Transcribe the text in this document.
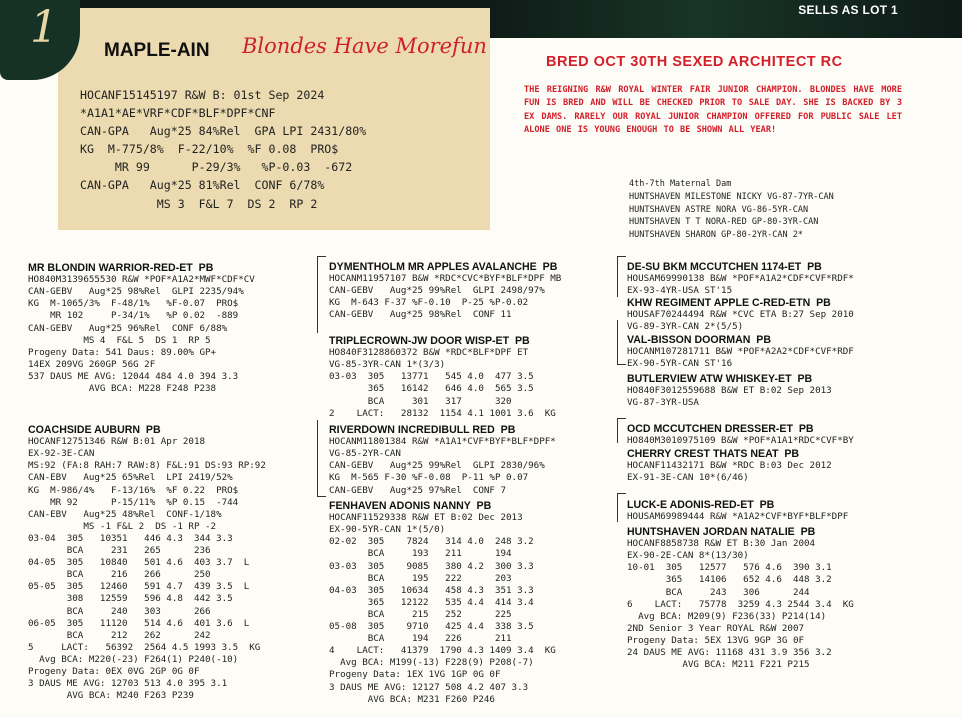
SELLS AS LOT 1
1 MAPLE-AIN Blondes Have Morefun
HOCANF15145197 R&W B: 01st Sep 2024
*A1A1*AE*VRF*CDF*BLF*DPF*CNF
CAN-GPA   Aug*25 84%Rel  GPA LPI 2431/80%
KG  M-775/8%  F-22/10%  %F 0.08  PRO$
MR 99      P-29/3%   %P-0.03  -672
CAN-GPA   Aug*25 81%Rel  CONF 6/78%
MS 3  F&L 7  DS 2  RP 2
BRED OCT 30TH SEXED ARCHITECT RC
THE REIGNING R&W ROYAL WINTER FAIR JUNIOR CHAMPION. BLONDES HAVE MORE FUN IS BRED AND WILL BE CHECKED PRIOR TO SALE DAY. SHE IS BACKED BY 3 EX DAMS. RARELY OUR ROYAL JUNIOR CHAMPION OFFERED FOR PUBLIC SALE LET ALONE ONE IS YOUNG ENOUGH TO BE SHOWN ALL YEAR!
4th-7th Maternal Dam
HUNTSHAVEN MILESTONE NICKY VG-87-7YR-CAN
HUNTSHAVEN ASTRE NORA VG-86-5YR-CAN
HUNTSHAVEN T T NORA-RED GP-80-3YR-CAN
HUNTSHAVEN SHARON GP-80-2YR-CAN 2*

MR BLONDIN WARRIOR-RED-ET  PB
HO840M3139655530 R&W *POF*A1A2*MWF*CDF*CV
CAN-GEBV   Aug*25 98%Rel  GLPI 2235/94%
KG  M-1065/3%  F-48/1%   %F-0.07  PRO$
MR 102     P-34/1%   %P 0.02  -889
CAN-GEBV   Aug*25 96%Rel  CONF 6/88%
MS 4  F&L 5  DS 1  RP 5
Progeny Data: 541 Daus: 89.00% GP+
14EX 209VG 260GP 56G 2F
537 DAUS ME AVG: 12044 484 4.0 394 3.3
AVG BCA: M228 F248 P238

COACHSIDE AUBURN  PB
HOCANF12751346 R&W B:01 Apr 2018
EX-92-3E-CAN
MS:92 (FA:8 RAH:7 RAW:8) F&L:91 DS:93 RP:92
CAN-EBV   Aug*25 65%Rel  LPI 2419/52%
KG  M-986/4%   F-13/16%  %F 0.22  PRO$
MR 92      P-15/11%  %P 0.15  -744
CAN-EBV   Aug*25 48%Rel  CONF-1/18%
MS -1 F&L 2  DS -1 RP -2
03-04  305   10351   446 4.3  344 3.3
BCA     231   265      236
04-05  305   10840   501 4.6  403 3.7  L
BCA     216   266      250
05-05  305   12460   591 4.7  439 3.5  L
308   12559   596 4.8  442 3.5
BCA     240   303      266
06-05  305   11120   514 4.6  401 3.6  L
BCA     212   262      242
5     LACT:   56392  2564 4.5 1993 3.5  KG
Avg BCA: M220(-23) F264(1) P240(-10)
Progeny Data: 0EX 0VG 2GP 0G 0F
3 DAUS ME AVG: 12703 513 4.0 395 3.1
AVG BCA: M240 F263 P239

DYMENTHOLM MR APPLES AVALANCHE  PB
HOCANM11957107 B&W *RDC*CVC*BYF*BLF*DPF MB
CAN-GEBV   Aug*25 99%Rel  GLPI 2498/97%
KG  M-643 F-37 %F-0.10  P-25 %P-0.02
CAN-GEBV   Aug*25 98%Rel  CONF 11

TRIPLECROWN-JW DOOR WISP-ET  PB
HO840F3128860372 B&W *RDC*BLF*DPF ET
VG-85-3YR-CAN 1*(3/3)
03-03  305   13771   545 4.0  477 3.5
365   16142   646 4.0  565 3.5
BCA     301   317      320
2    LACT:   28132  1154 4.1 1001 3.6  KG

RIVERDOWN INCREDIBULL RED  PB
HOCANM11801384 R&W *A1A1*CVF*BYF*BLF*DPF*
VG-85-2YR-CAN
CAN-GEBV   Aug*25 99%Rel  GLPI 2830/96%
KG  M-565 F-30 %F-0.08  P-11 %P 0.07
CAN-GEBV   Aug*25 97%Rel  CONF 7

FENHAVEN ADONIS NANNY  PB
HOCANF11529338 R&W ET B:02 Dec 2013
EX-90-5YR-CAN 1*(5/0)
02-02  305    7824   314 4.0  248 3.2
BCA     193   211      194
03-03  305    9085   380 4.2  300 3.3
BCA     195   222      203
04-03  305   10634   458 4.3  351 3.3
365   12122   535 4.4  414 3.4
BCA     215   252      225
05-08  305    9710   425 4.4  338 3.5
BCA     194   226      211
4    LACT:   41379  1790 4.3 1409 3.4  KG
Avg BCA: M199(-13) F228(9) P208(-7)
Progeny Data: 1EX 1VG 1GP 0G 0F
3 DAUS ME AVG: 12127 508 4.2 407 3.3
AVG BCA: M231 F260 P246

DE-SU BKM MCCUTCHEN 1174-ET  PB
HOUSAM69990138 B&W *POF*A1A2*CDF*CVF*RDF*
EX-93-4YR-USA ST'15

KHW REGIMENT APPLE C-RED-ETN  PB
HOUSAF70244494 R&W *CVC ETA B:27 Sep 2010
VG-89-3YR-CAN 2*(5/5)

VAL-BISSON DOORMAN  PB
HOCANM107281711 B&W *POF*A2A2*CDF*CVF*RDF
EX-90-5YR-CAN ST'16

BUTLERVIEW ATW WHISKEY-ET  PB
HO840F3012559688 B&W ET B:02 Sep 2013
VG-87-3YR-USA

OCD MCCUTCHEN DRESSER-ET  PB
HO840M3010975109 B&W *POF*A1A1*RDC*CVF*BY

CHERRY CREST THATS NEAT  PB
HOCANF11432171 B&W *RDC B:03 Dec 2012
EX-91-3E-CAN 10*(6/46)

LUCK-E ADONIS-RED-ET  PB
HOUSAM69989444 R&W *A1A2*CVF*BYF*BLF*DPF

HUNTSHAVEN JORDAN NATALIE  PB
HOCANF8858738 R&W ET B:30 Jan 2004
EX-90-2E-CAN 8*(13/30)
10-01  305   12577   576 4.6  390 3.1
365   14106   652 4.6  448 3.2
BCA     243   306      244
6    LACT:   75778  3259 4.3 2544 3.4  KG
Avg BCA: M209(9) F236(33) P214(14)
2ND Senior 3 Year ROYAL R&W 2007
Progeny Data: 5EX 13VG 9GP 3G 0F
24 DAUS ME AVG: 11168 431 3.9 356 3.2
AVG BCA: M211 F221 P215
